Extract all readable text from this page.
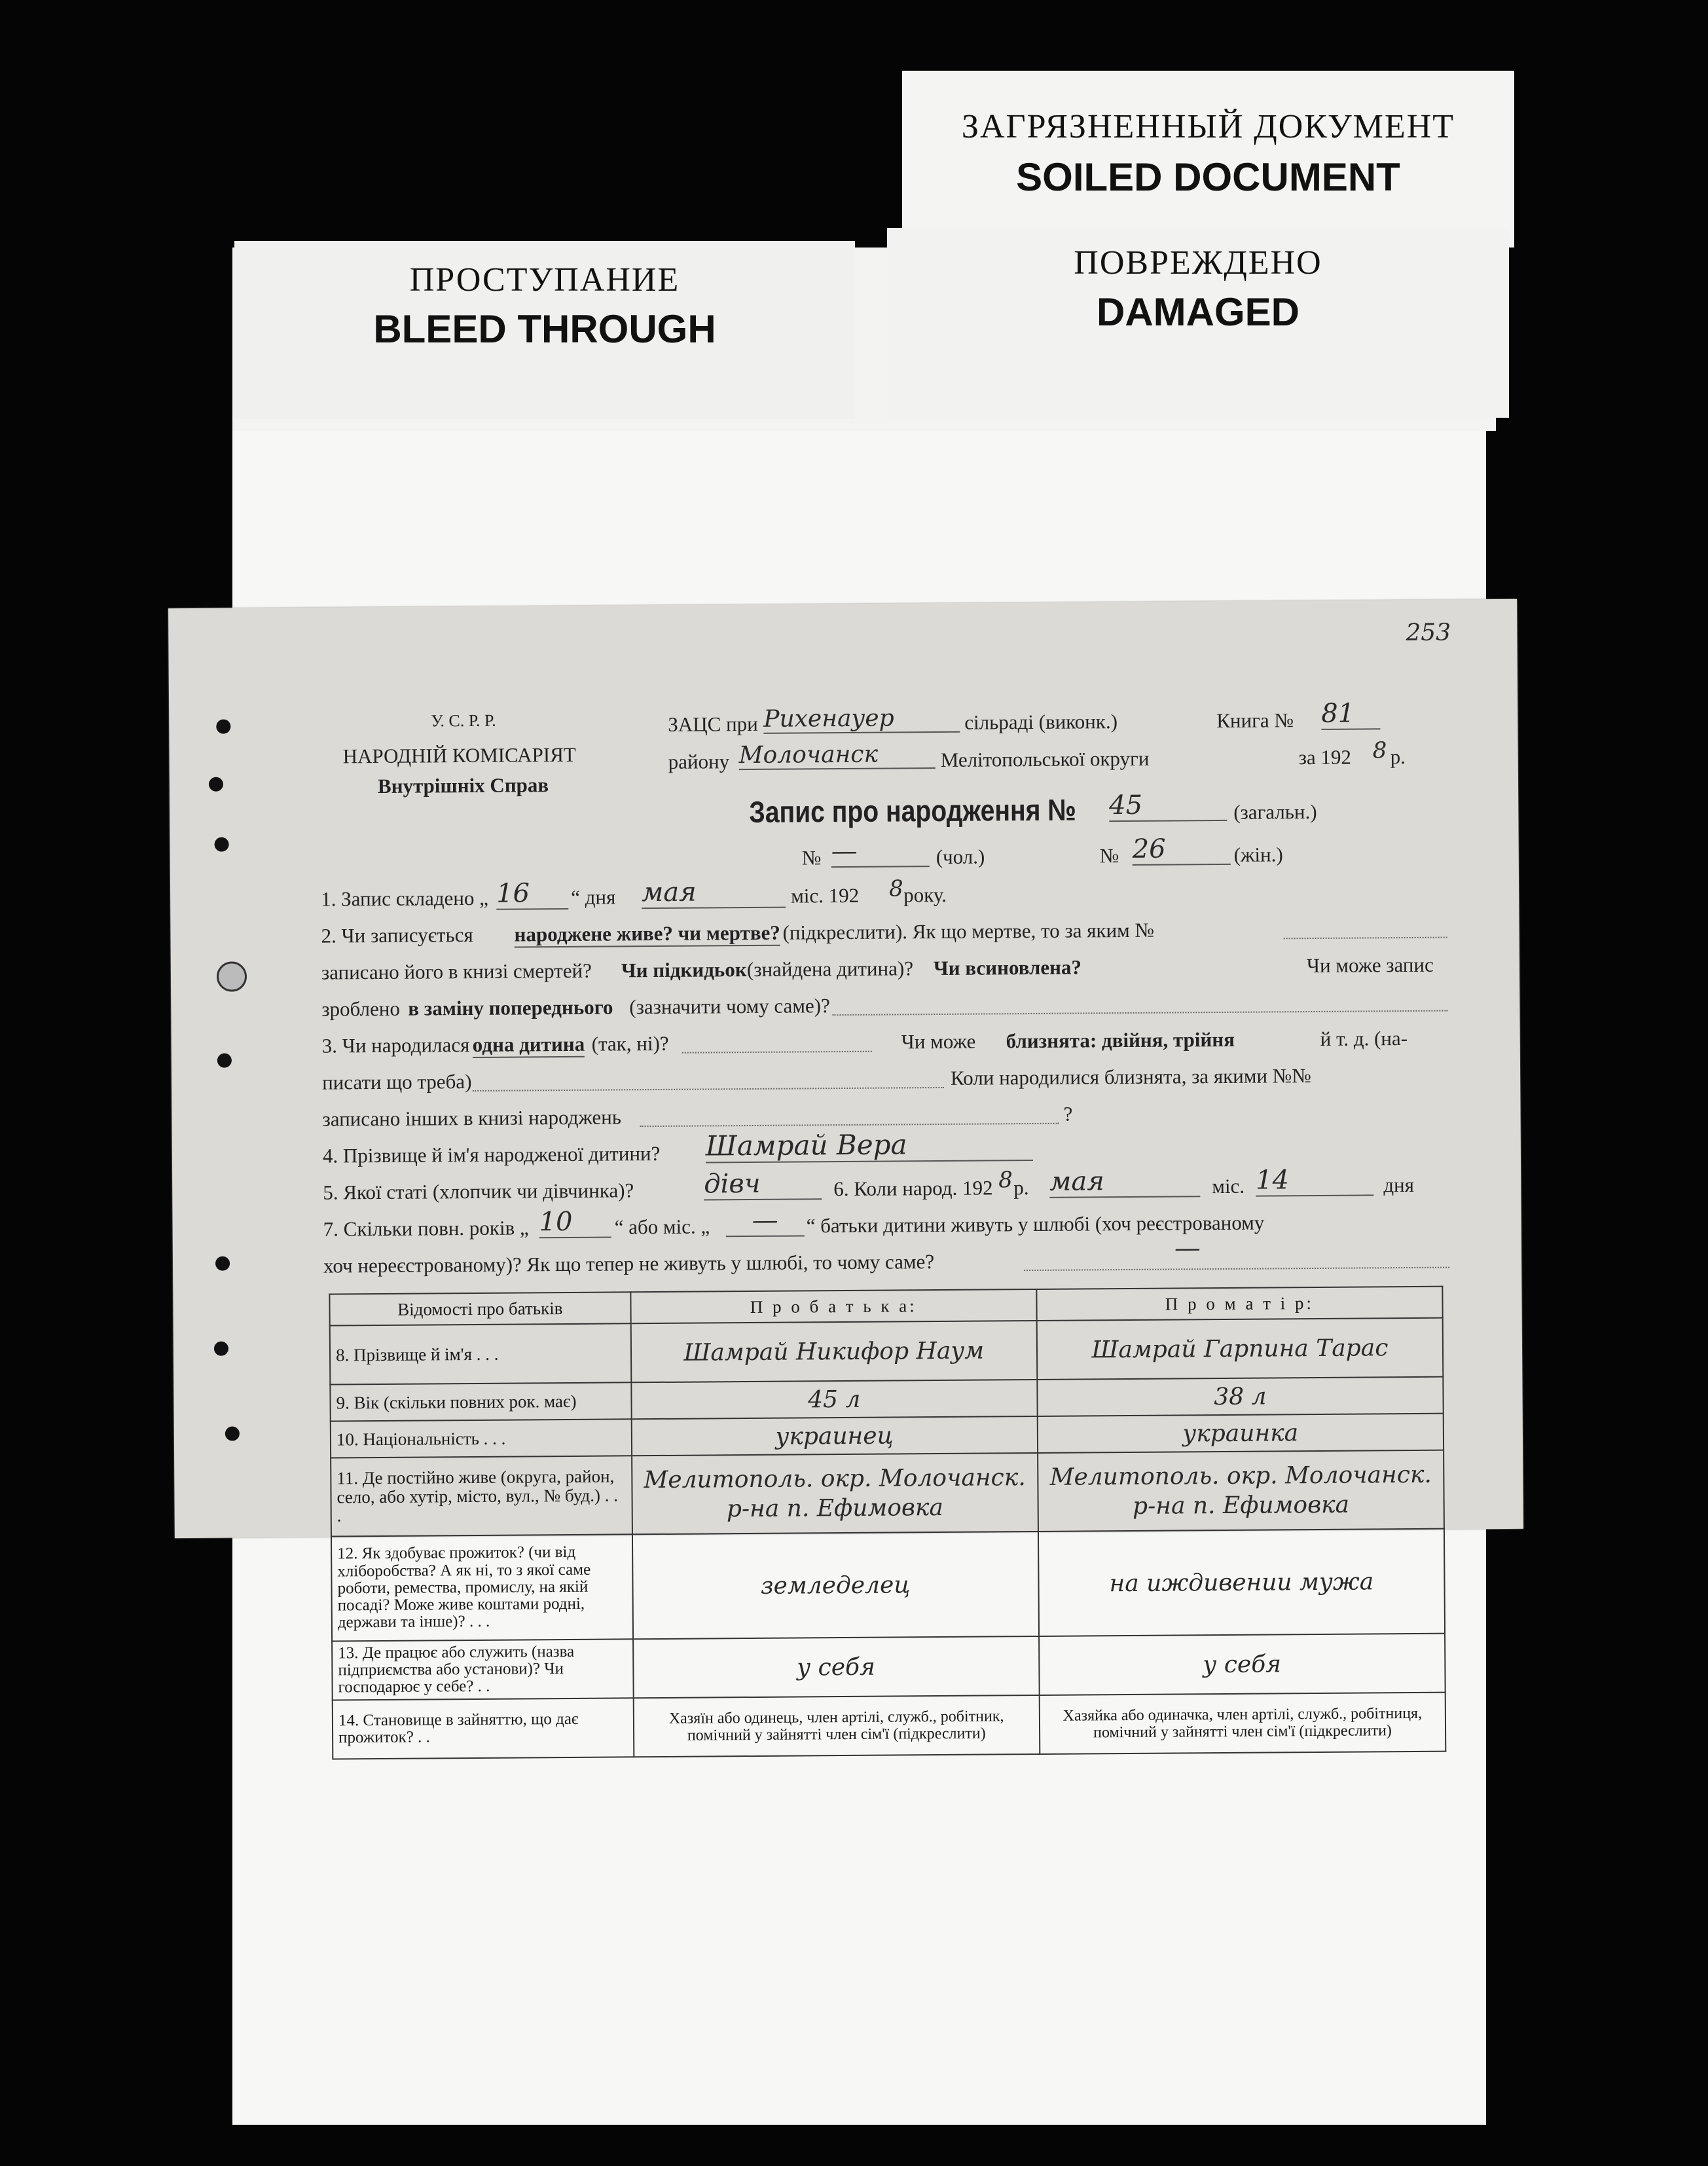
ЗАГРЯЗНЕННЫЙ ДОКУМЕНТ
SOILED DOCUMENT
ПРОСТУПАНИЕ
BLEED THROUGH
ПОВРЕЖДЕНО
DAMAGED
253
У. С. Р. Р.
НАРОДНІЙ КОМІСАРІЯТ
Внутрішніх Справ
ЗАЦС при Рихенауер	сільраді (виконк.)	Книга № 81
району Молочанск	Мелітопольської округи	за 192 8 р.
Запис про народження № 45	(загальн.)
№ —	(чол.)	№ 26	(жін.)
1. Запис складено „ 16	“ дня мая	міс. 192 8 року.
2. Чи записується народжене живе? чи мертве? (підкреслити). Як що мертве, то за яким №
записано його в книзі смертей? Чи підкидьок (знайдена дитина)? Чи всиновлена?	Чи може запис
зроблено в заміну попереднього (зазначити чому саме)?
3. Чи народилася одна дитина (так, ні)?	Чи може близнята: двійня, трійня	й т. д. (на-
писати що треба)	Коли народилися близнята, за якими №№
записано інших в книзі народжень	?
4. Прізвище й ім'я народженої дитини? Шамрай Вера
5. Якої статі (хлопчик чи дівчинка)?	дівч	6. Коли народ. 192 8 р. мая	міс. 14	дня
7. Скільки повн. років „ 10	“ або міс. „	—	“ батьки дитини живуть у шлюбі (хоч реєстрованому
хоч нереєстрованому)? Як що тепер не живуть у шлюбі, то чому саме?
—
Відомості про батьків	П р о б а т ь к а:	П р о м а т і р:
8. Прізвище й ім'я . . .	Шамрай Никифор Наум	Шамрай Гарпина Тарас

9. Вік (скільки повних рок. має)	45 л	38 л

10. Національність . . .	украинец	украинка

11. Де постійно живе (округа, район, село, або хутір, місто, вул., № буд.) . . .	Мелитополь. окр. Молочанск. р-на п. Ефимовка	Мелитополь. окр. Молочанск. р-на п. Ефимовка

12. Як здобуває прожиток? (чи від хліборобства? А як ні, то з якої саме роботи, ремества, промислу, на якій посаді? Може живе коштами родні, держави та інше)? . . .	земледелец	на иждивении мужа

13. Де працює або служить (назва підприємства або установи)? Чи господарює у себе? . .	у себя	у себя

14. Становище в зайняттю, що дає прожиток? . .	Хазяїн або одинець, член артілі, служб., робітник, помічний у зайнятті член сім'ї (підкреслити)	Хазяйка або одиначка, член артілі, служб., робітниця, помічний у зайнятті член сім'ї (підкреслити)
